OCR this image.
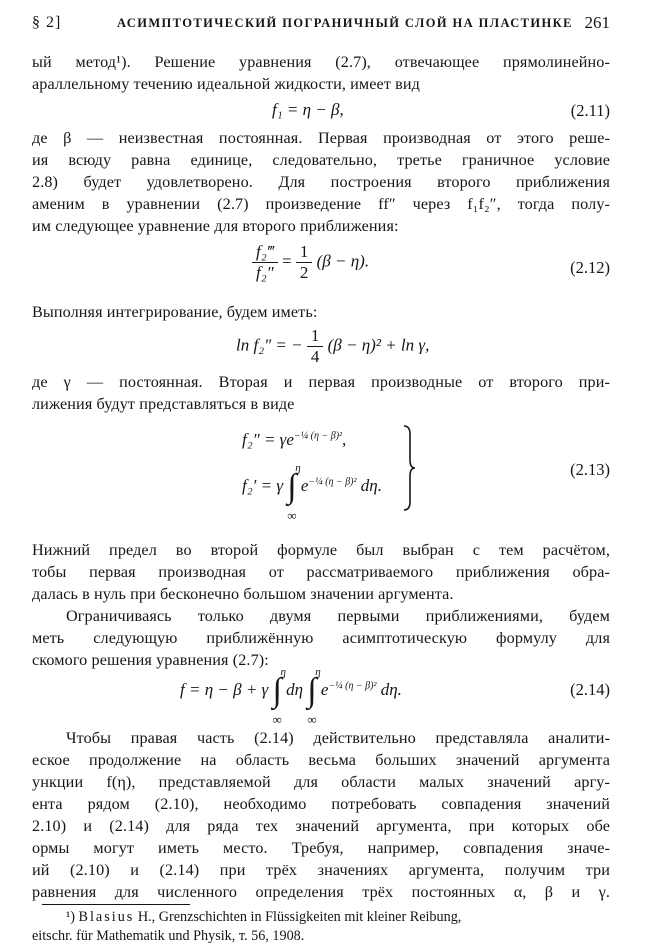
§ 2]	АСИМПТОТИЧЕСКИЙ ПОГРАНИЧНЫЙ СЛОЙ НА ПЛАСТИНКЕ 261

ый метод¹). Решение уравнения (2.7), отвечающее прямолинейно-

араллельному течению идеальной жидкости, имеет вид

f₁ = η − β,	(2.11)

де β — неизвестная постоянная. Первая производная от этого реше-

ия всюду равна единице, следовательно, третье граничное условие

2.8) будет удовлетворено. Для построения второго приближения

аменим в уравнении (2.7) произведение ff″ через f₁f₂″, тогда полу-

им следующее уравнение для второго приближения:

$\frac{\text{f₂‴}}{\text{f₂″}} = \frac{1}{2} (\beta - \eta)$.	(2.12)

Выполняя интегрирование, будем иметь:

ln f₂″ = − $\frac{1}{4} (\beta - \eta)^2 + \ln \gamma$,

де γ — постоянная. Вторая и первая производные от второго при-

лижения будут представляться в виде

$f_2'' = \gamma e^{-\frac{1}{4} (\eta - \beta)^2}$,
f₂′ = γ ∫
η
∞
$e^{-\frac{1}{4} (\eta - \beta)^2}$ dη.
(2.13)

Нижний предел во второй формуле был выбран с тем расчётом,

тобы первая производная от рассматриваемого приближения обра-

далась в нуль при бесконечно большом значении аргумента.

Ограничиваясь только двумя первыми приближениями, будем

меть следующую приближённую асимптотическую формулу для

скомого решения уравнения (2.7):

f = η − β + γ ∫
η
∞
dη ∫
η
∞
$e^{-\frac{1}{4} (\eta - \beta)^2}$ dη.	(2.14)

Чтобы правая часть (2.14) действительно представляла аналити-

еское продолжение на область весьма больших значений аргумента

ункции f(η), представляемой для области малых значений аргу-

ента рядом (2.10), необходимо потребовать совпадения значений

2.10) и (2.14) для ряда тех значений аргумента, при которых обе

ормы могут иметь место. Требуя, например, совпадения значе-

ий (2.10) и (2.14) при трёх значениях аргумента, получим три

равнения для численного определения трёх постоянных α, β и γ.

¹) Blasius H., Grenzschichten in Flüssigkeiten mit kleiner Reibung,

eitschr. für Mathematik und Physik, т. 56, 1908.
